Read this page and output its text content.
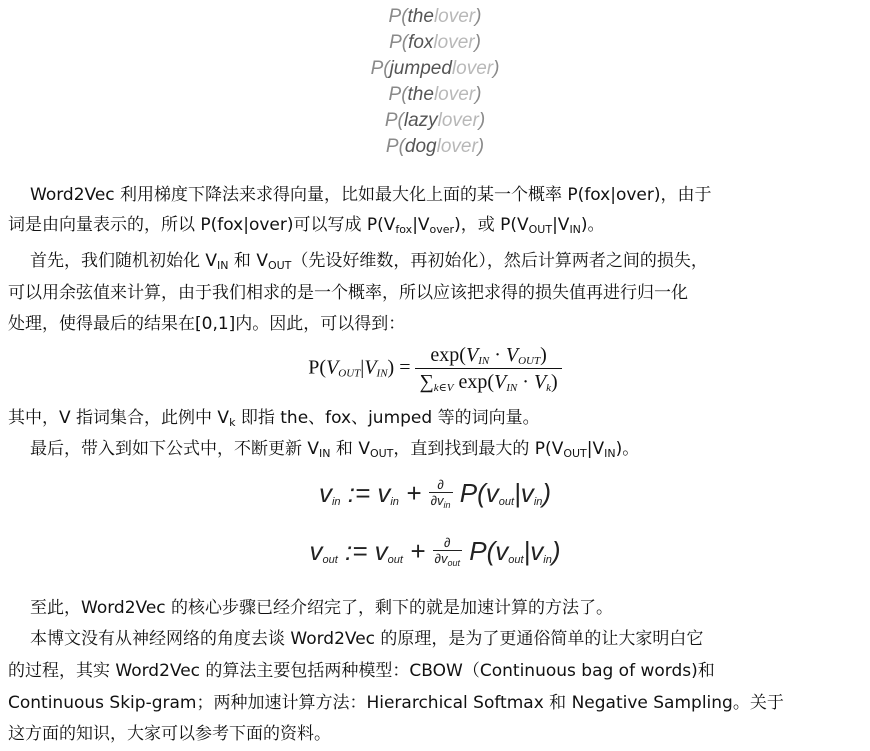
P(thelover)
P(foxlover)
P(jumpedlover)
P(thelover)
P(lazylover)
P(doglover)
Word2Vec 利用梯度下降法来求得向量，比如最大化上面的某一个概率 P(fox|over)，由于
词是由向量表示的，所以 P(fox|over)可以写成 $P(V_{fox}|V_{over})$，或 $P(V_{OUT}|V_{IN})$。
首先，我们随机初始化 $V_{IN}$ 和 $V_{OUT}$（先设好维数，再初始化），然后计算两者之间的损失，
可以用余弦值来计算，由于我们相求的是一个概率，所以应该把求得的损失值再进行归一化
处理，使得最后的结果在[0,1]内。因此，可以得到：
$P(V_{OUT}|V_{IN}) = \frac{\exp(V_{IN} \cdot V_{OUT})}{\sum_{k\in V} \exp(V_{IN} \cdot V_k)}$
其中，V 指词集合，此例中 $V_k$ 即指 the、fox、jumped 等的词向量。
最后，带入到如下公式中，不断更新 $V_{IN}$ 和 $V_{OUT}$，直到找到最大的 $P(V_{OUT}|V_{IN})$。
$v_{in}$ := $v_{in} + \frac{\partial}{\partial v_{in}} P(v_{out}|v_{in})$
$v_{out}$ := $v_{out} + \frac{\partial}{\partial v_{out}} P(v_{out}|v_{in})$
至此，Word2Vec 的核心步骤已经介绍完了，剩下的就是加速计算的方法了。
本博文没有从神经网络的角度去谈 Word2Vec 的原理，是为了更通俗简单的让大家明白它
的过程，其实 Word2Vec 的算法主要包括两种模型：CBOW（Continuous bag of words)和
Continuous Skip-gram；两种加速计算方法：Hierarchical Softmax 和 Negative Sampling。关于
这方面的知识，大家可以参考下面的资料。
